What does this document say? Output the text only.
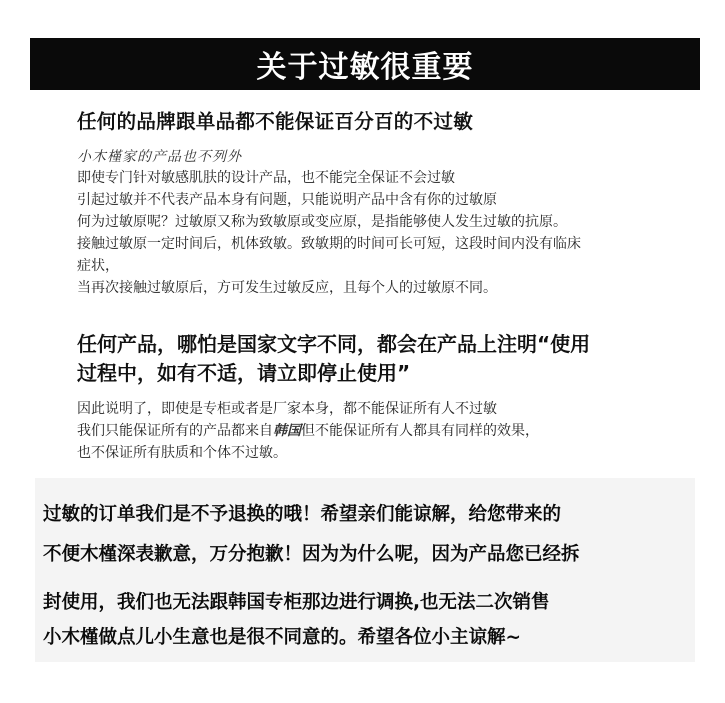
关于过敏很重要
任何的品牌跟单品都不能保证百分百的不过敏
小木槿家的产品也不列外
即使专门针对敏感肌肤的设计产品，也不能完全保证不会过敏
引起过敏并不代表产品本身有问题，只能说明产品中含有你的过敏原
何为过敏原呢？过敏原又称为致敏原或变应原，是指能够使人发生过敏的抗原。
接触过敏原一定时间后，机体致敏。致敏期的时间可长可短，这段时间内没有临床
症状，
当再次接触过敏原后，方可发生过敏反应，且每个人的过敏原不同。
任何产品，哪怕是国家文字不同，都会在产品上注明“使用
过程中，如有不适，请立即停止使用”
因此说明了，即使是专柜或者是厂家本身，都不能保证所有人不过敏
我们只能保证所有的产品都来自韩国但不能保证所有人都具有同样的效果，
也不保证所有肤质和个体不过敏。
过敏的订单我们是不予退换的哦！希望亲们能谅解，给您带来的
不便木槿深表歉意，万分抱歉！因为为什么呢，因为产品您已经拆
封使用，我们也无法跟韩国专柜那边进行调换,也无法二次销售
小木槿做点儿小生意也是很不同意的。希望各位小主谅解~
